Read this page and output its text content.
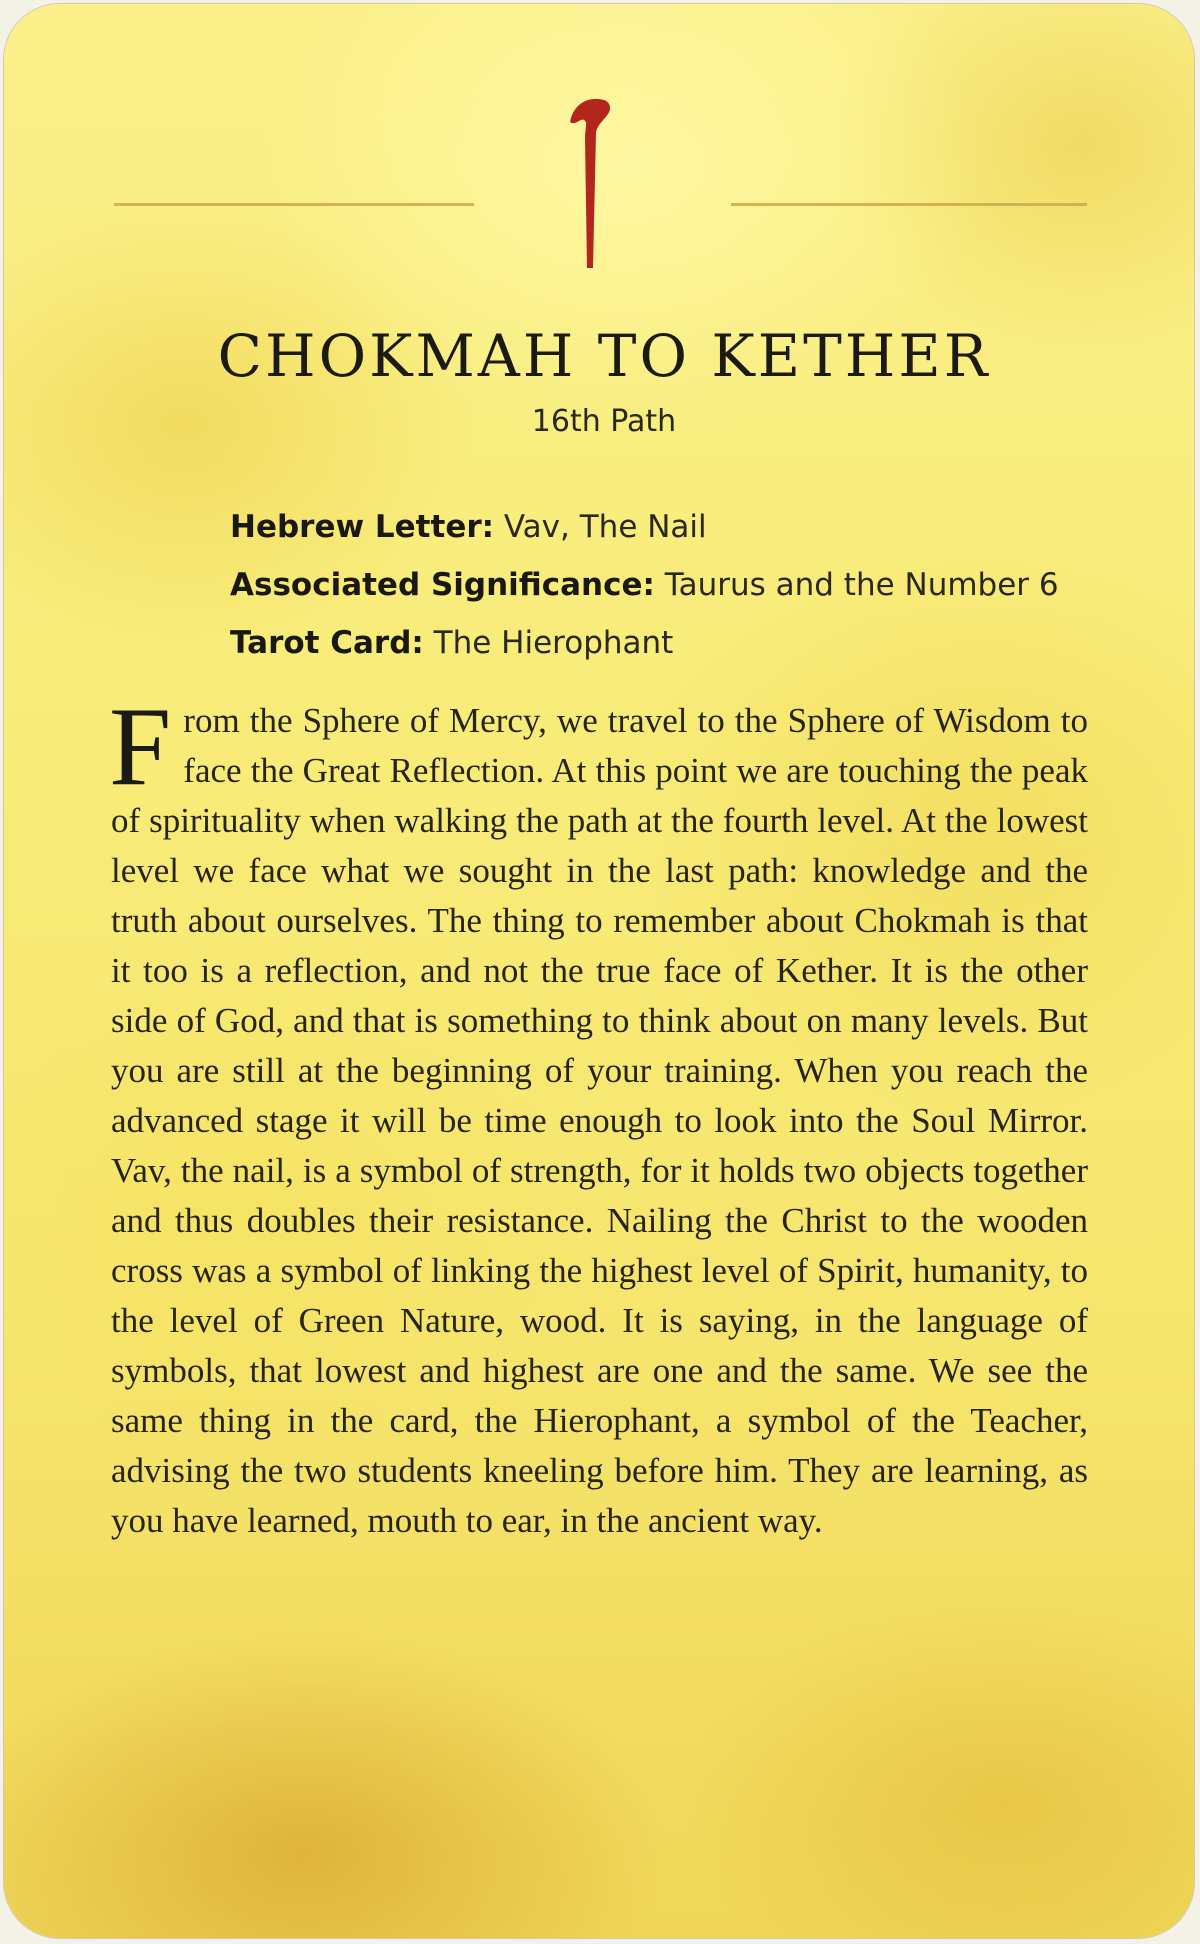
CHOKMAH TO KETHER
16th Path
Hebrew Letter: Vav, The Nail
Associated Significance: Taurus and the Number 6
Tarot Card: The Hierophant
From the Sphere of Mercy, we travel to the Sphere of Wisdom to face the Great Reflection. At this point we are touching the peak of spirituality when walking the path at the fourth level. At the lowest level we face what we sought in the last path: knowledge and the truth about ourselves. The thing to remember about Chokmah is that it too is a reflection, and not the true face of Kether. It is the other side of God, and that is something to think about on many levels. But you are still at the beginning of your training. When you reach the advanced stage it will be time enough to look into the Soul Mirror. Vav, the nail, is a symbol of strength, for it holds two objects together and thus doubles their resistance. Nailing the Christ to the wooden cross was a symbol of linking the highest level of Spirit, humanity, to the level of Green Nature, wood. It is saying, in the language of symbols, that lowest and highest are one and the same. We see the same thing in the card, the Hierophant, a symbol of the Teacher, advising the two students kneeling before him. They are learning, as you have learned, mouth to ear, in the ancient way.
